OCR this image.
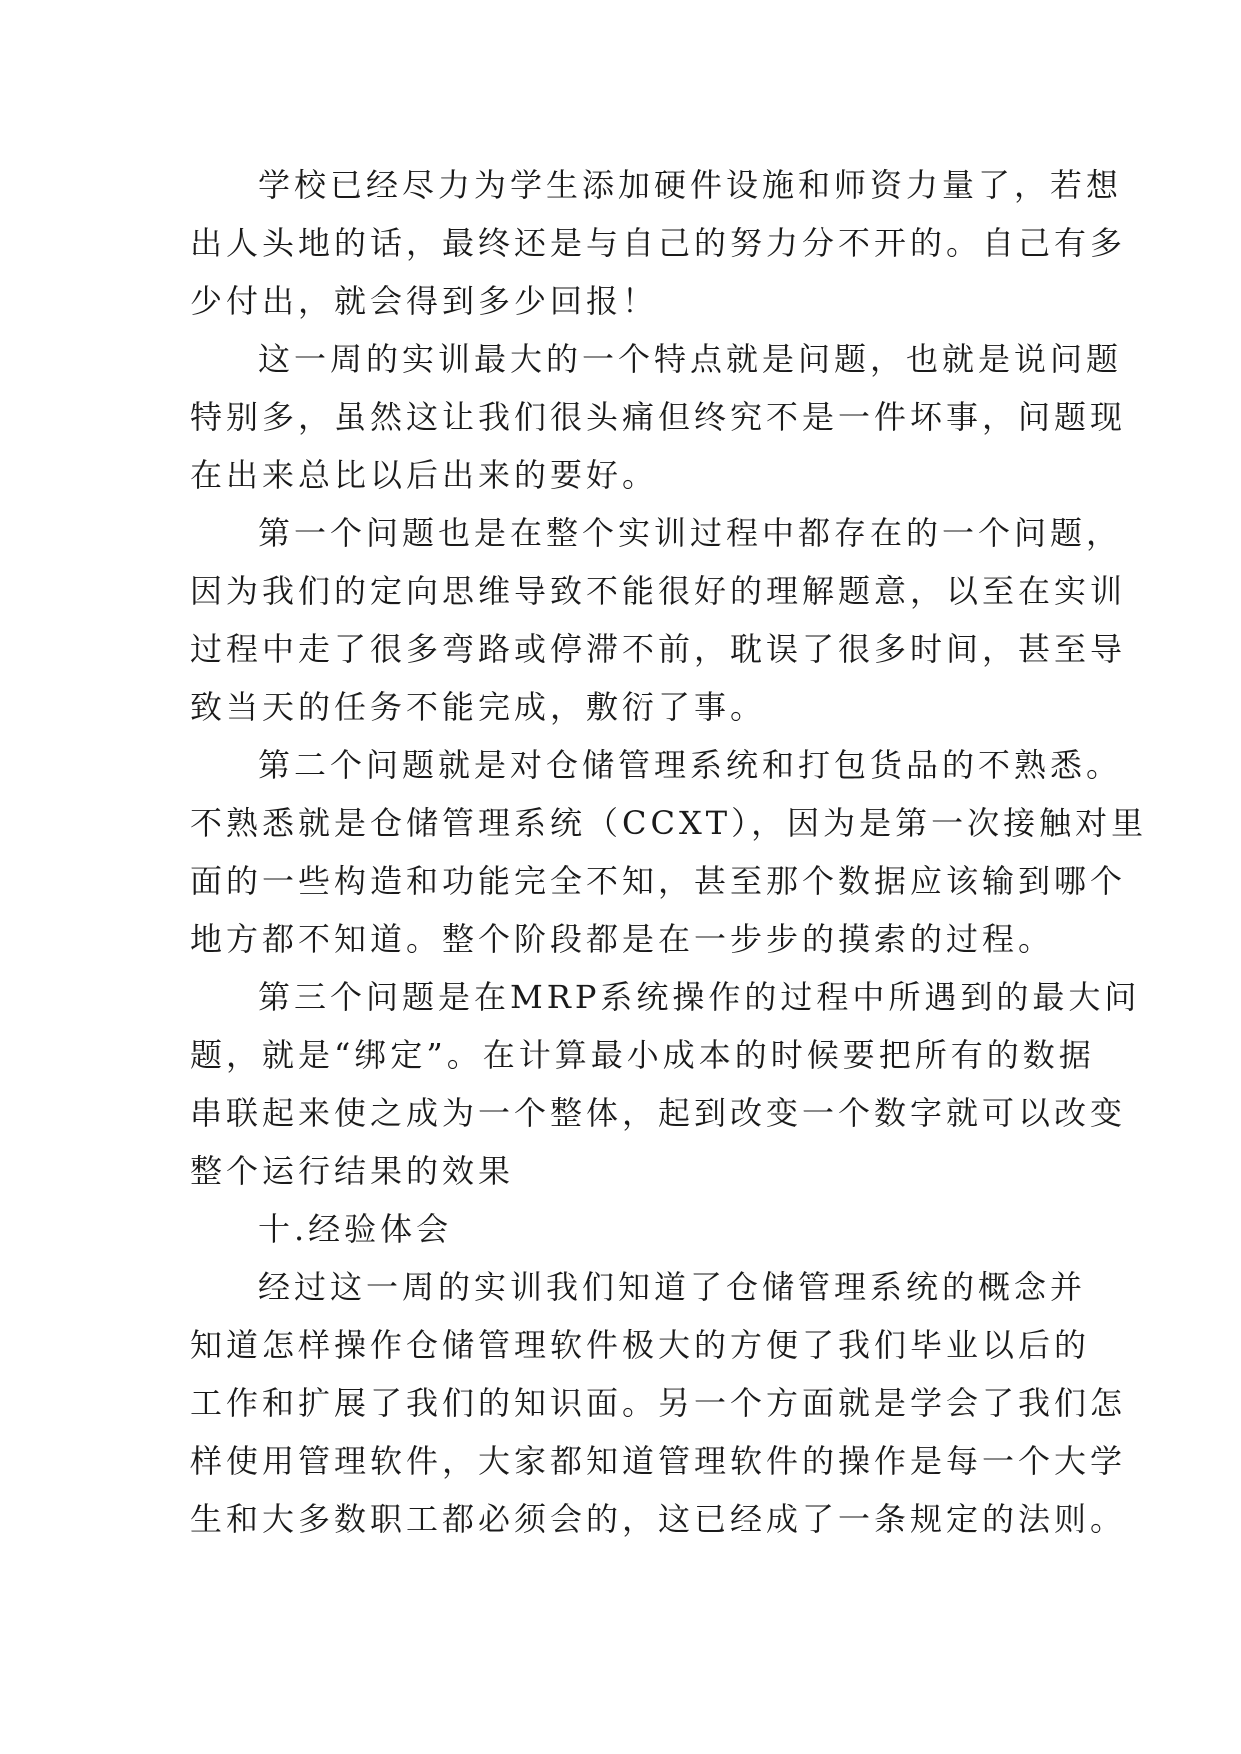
学校已经尽力为学生添加硬件设施和师资力量了，若想
出人头地的话，最终还是与自己的努力分不开的。自己有多
少付出，就会得到多少回报！
这一周的实训最大的一个特点就是问题，也就是说问题
特别多，虽然这让我们很头痛但终究不是一件坏事，问题现
在出来总比以后出来的要好。
第一个问题也是在整个实训过程中都存在的一个问题，
因为我们的定向思维导致不能很好的理解题意，以至在实训
过程中走了很多弯路或停滞不前，耽误了很多时间，甚至导
致当天的任务不能完成，敷衍了事。
第二个问题就是对仓储管理系统和打包货品的不熟悉。
不熟悉就是仓储管理系统（CCXT），因为是第一次接触对里
面的一些构造和功能完全不知，甚至那个数据应该输到哪个
地方都不知道。整个阶段都是在一步步的摸索的过程。
第三个问题是在MRP系统操作的过程中所遇到的最大问
题，就是“绑定”。在计算最小成本的时候要把所有的数据
串联起来使之成为一个整体，起到改变一个数字就可以改变
整个运行结果的效果
十.经验体会
经过这一周的实训我们知道了仓储管理系统的概念并
知道怎样操作仓储管理软件极大的方便了我们毕业以后的
工作和扩展了我们的知识面。另一个方面就是学会了我们怎
样使用管理软件，大家都知道管理软件的操作是每一个大学
生和大多数职工都必须会的，这已经成了一条规定的法则。
